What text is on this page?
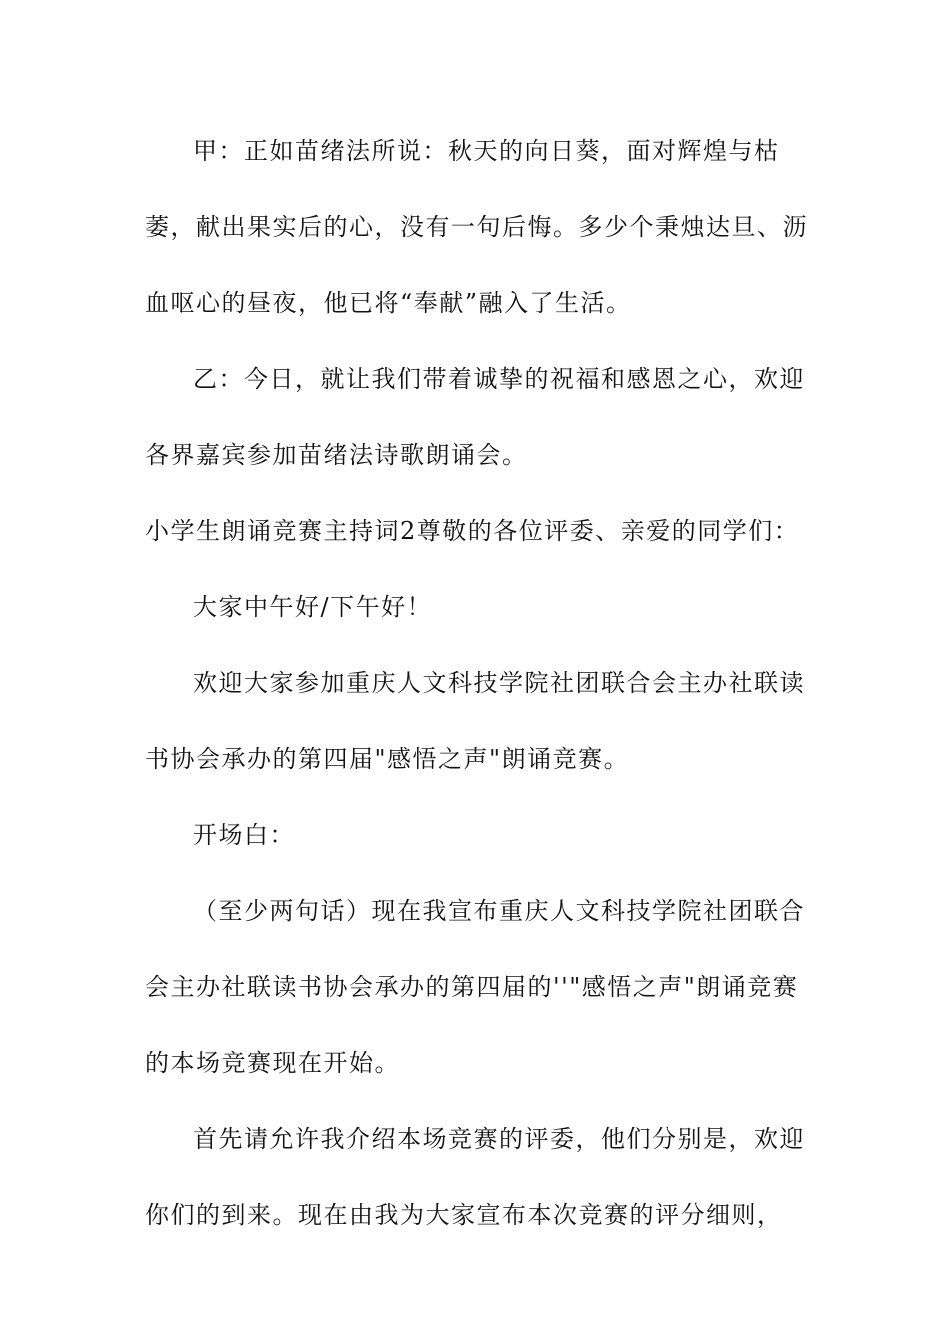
甲：正如苗绪法所说：秋天的向日葵，面对辉煌与枯萎，献出果实后的心，没有一句后悔。多少个秉烛达旦、沥血呕心的昼夜，他已将“奉献”融入了生活。

乙：今日，就让我们带着诚挚的祝福和感恩之心，欢迎各界嘉宾参加苗绪法诗歌朗诵会。

小学生朗诵竞赛主持词2尊敬的各位评委、亲爱的同学们：

大家中午好/下午好！

欢迎大家参加重庆人文科技学院社团联合会主办社联读书协会承办的第四届"感悟之声"朗诵竞赛。

开场白：

（至少两句话）现在我宣布重庆人文科技学院社团联合会主办社联读书协会承办的第四届的''"感悟之声"朗诵竞赛的本场竞赛现在开始。

首先请允许我介绍本场竞赛的评委，他们分别是，欢迎你们的到来。现在由我为大家宣布本次竞赛的评分细则，
